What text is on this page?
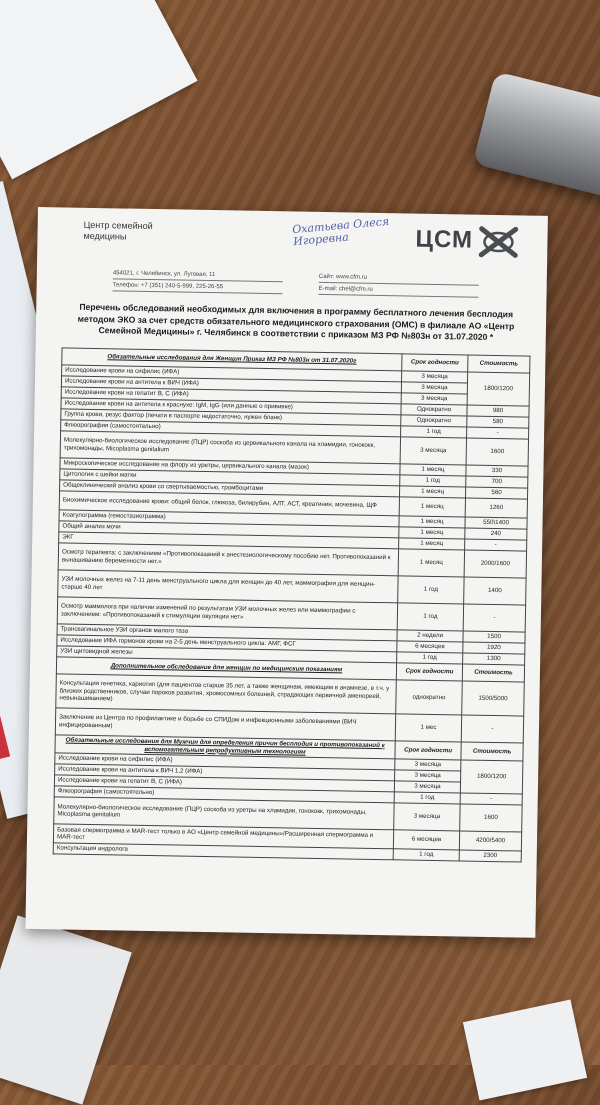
Центр семейной медицины	Охатьева Олеся Игоревна	ЦСМ
454021, г. Челябинск, ул. Луговая, 11
Телефон: +7 (351) 240-5-999, 225-26-55
Сайт: www.cfm.ru
E-mail: chel@cfm.ru
Перечень обследований необходимых для включения в программу бесплатного лечения бесплодия методом ЭКО за счет средств обязательного медицинского страхования (ОМС) в филиале АО «Центр Семейной Медицины» г. Челябинск в соответствии с приказом МЗ РФ №803н от 31.07.2020 *
Обязательные исследования для Женщин Приказ МЗ РФ №803н от 31.07.2020г	Срок годности	Стоимость
Исследование крови на сифилис (ИФА)	3 месяца	1800/1200
Исследование крови на антитела к ВИЧ (ИФА)	3 месяца	
Исследование крови на гепатит В, С (ИФА)	3 месяца	
Исследование крови на антитела к краснухе: IgM, IgG (или данные о прививке)	Однократно	980
Группа крови, резус фактор (печати в паспорте недостаточно, нужен бланк)	Однократно	580
Флюорография (самостоятельно)	1 год	-
Молекулярно-биологическое исследование (ПЦР) соскоба из цервикального канала на хламидии, гонококк, трихомонады, Micoplasma genitalium	3 месяца	1600
Микроскопическое исследование на флору из уретры, цервикального канала (мазок)	1 месяц	330
Цитология с шейки матки	1 год	700
Общеклинический анализ крови со свертываемостью, тромбоцитами	1 месяц	560
Биохимическое исследование крови: общий белок, глюкоза, билирубин, АЛТ, АСТ, креатинин, мочевина, ЩФ	1 месяц	1260
Коагулограмма (гемостазиограмма)	1 месяц	550\1400
Общий анализ мочи	1 месяц	240
ЭКГ	1 месяц	-
Осмотр терапевта: с заключением «Противопоказаний к анестезиологическому пособию нет. Противопоказаний к вынашиванию беременности нет.»	1 месяц	2000/1600
УЗИ молочных желез на 7-11 день менструального цикла для женщин до 40 лет, маммография для женщин-старше 40 лет	1 год	1400
Осмотр маммолога при наличии изменений по результатам УЗИ молочных желез или маммографии с заключением: «Противопоказаний к стимуляции овуляции нет»	1 год	-
Трансвагинальное УЗИ органов малого таза	2 недели	1500
Исследование ИФА гормонов крови на 2-5 день менструального цикла: АМГ, ФСГ	6 месяцев	1920
УЗИ щитовидной железы	1 год	1300
Дополнительное обследование для женщин по медицинским показаниям	Срок годности	Стоимость
Консультация генетика, кариотип (для пациентов старше 35 лет, а также женщинам, имеющим в анамнезе, в т.ч. у близких родственников, случаи пороков развития, хромосомных болезней, страдающих первичной аменореей, невынашиванием)	однократно	1500/5000
Заключение из Центра по профилактике и борьбе со СПИДом и инфекционными заболеваниями (ВИЧ инфицированным)	1 мес	-
Обязательные исследования для Мужчин для определения причин бесплодия и противопоказаний к вспомогательным репродуктивным технологиям	Срок годности	Стоимость
Исследование крови на сифилис (ИФА)	3 месяца	1800/1200
Исследование крови на антитела к ВИЧ 1,2 (ИФА)	3 месяца	
Исследование крови на гепатит В, С (ИФА)	3 месяца	
Флюорография (самостоятельно)	1 год	-
Молекулярно-биологическое исследование (ПЦР) соскоба из уретры на хламидии, гонококк, трихомонады, Micoplasma genitalium	3 месяца	1600
Базовая спермограмма и MAR-тест только в АО «Центр семейной медицины»/Расширенная спермограмма и MAR-тест	6 месяцев	4200/5400
Консультация андролога	1 год	2300
